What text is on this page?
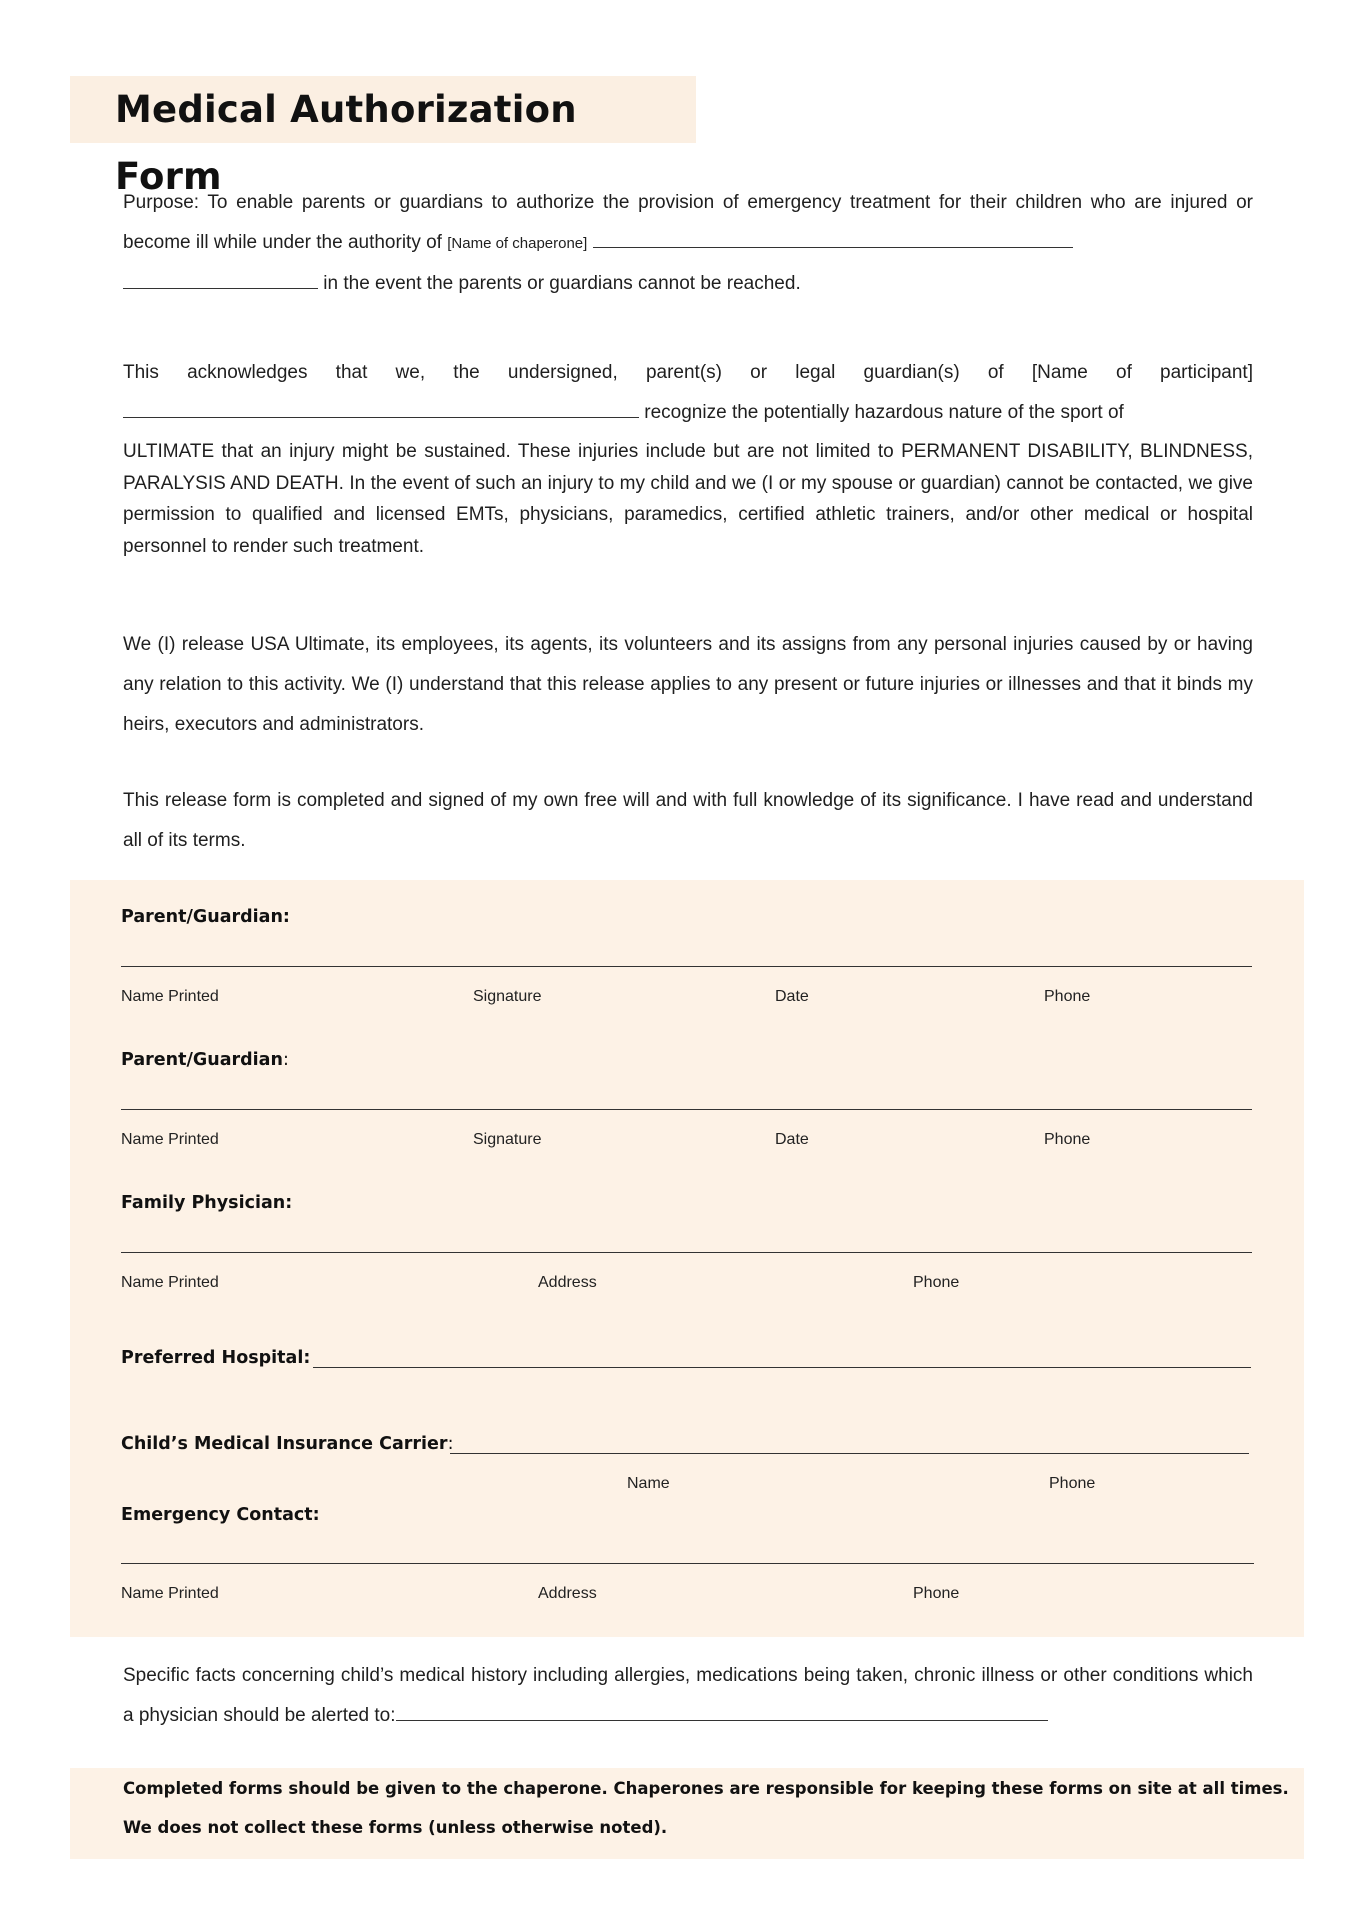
Medical Authorization Form

Purpose: To enable parents or guardians to authorize the provision of emergency treatment for their children who are injured or become ill while under the authority of [Name of chaperone]
in the event the parents or guardians cannot be reached.

This acknowledges that we, the undersigned, parent(s) or legal guardian(s) of [Name of participant]
recognize the potentially hazardous nature of the sport of

ULTIMATE that an injury might be sustained. These injuries include but are not limited to PERMANENT DISABILITY, BLINDNESS, PARALYSIS AND DEATH. In the event of such an injury to my child and we (I or my spouse or guardian) cannot be contacted, we give permission to qualified and licensed EMTs, physicians, paramedics, certified athletic trainers, and/or other medical or hospital personnel to render such treatment.

We (I) release USA Ultimate, its employees, its agents, its volunteers and its assigns from any personal injuries caused by or having any relation to this activity. We (I) understand that this release applies to any present or future injuries or illnesses and that it binds my heirs, executors and administrators.

This release form is completed and signed of my own free will and with full knowledge of its significance. I have read and understand all of its terms.

Parent/Guardian:
Name Printed	Signature	Date	Phone
Parent/Guardian:
Name Printed	Signature	Date	Phone
Family Physician:
Name Printed	Address	Phone
Preferred Hospital:
Child’s Medical Insurance Carrier:
Name	Phone
Emergency Contact:
Name Printed	Address	Phone

Specific facts concerning child’s medical history including allergies, medications being taken, chronic illness or other conditions which a physician should be alerted to:

Completed forms should be given to the chaperone. Chaperones are responsible for keeping these forms on site at all times.
We does not collect these forms (unless otherwise noted).
